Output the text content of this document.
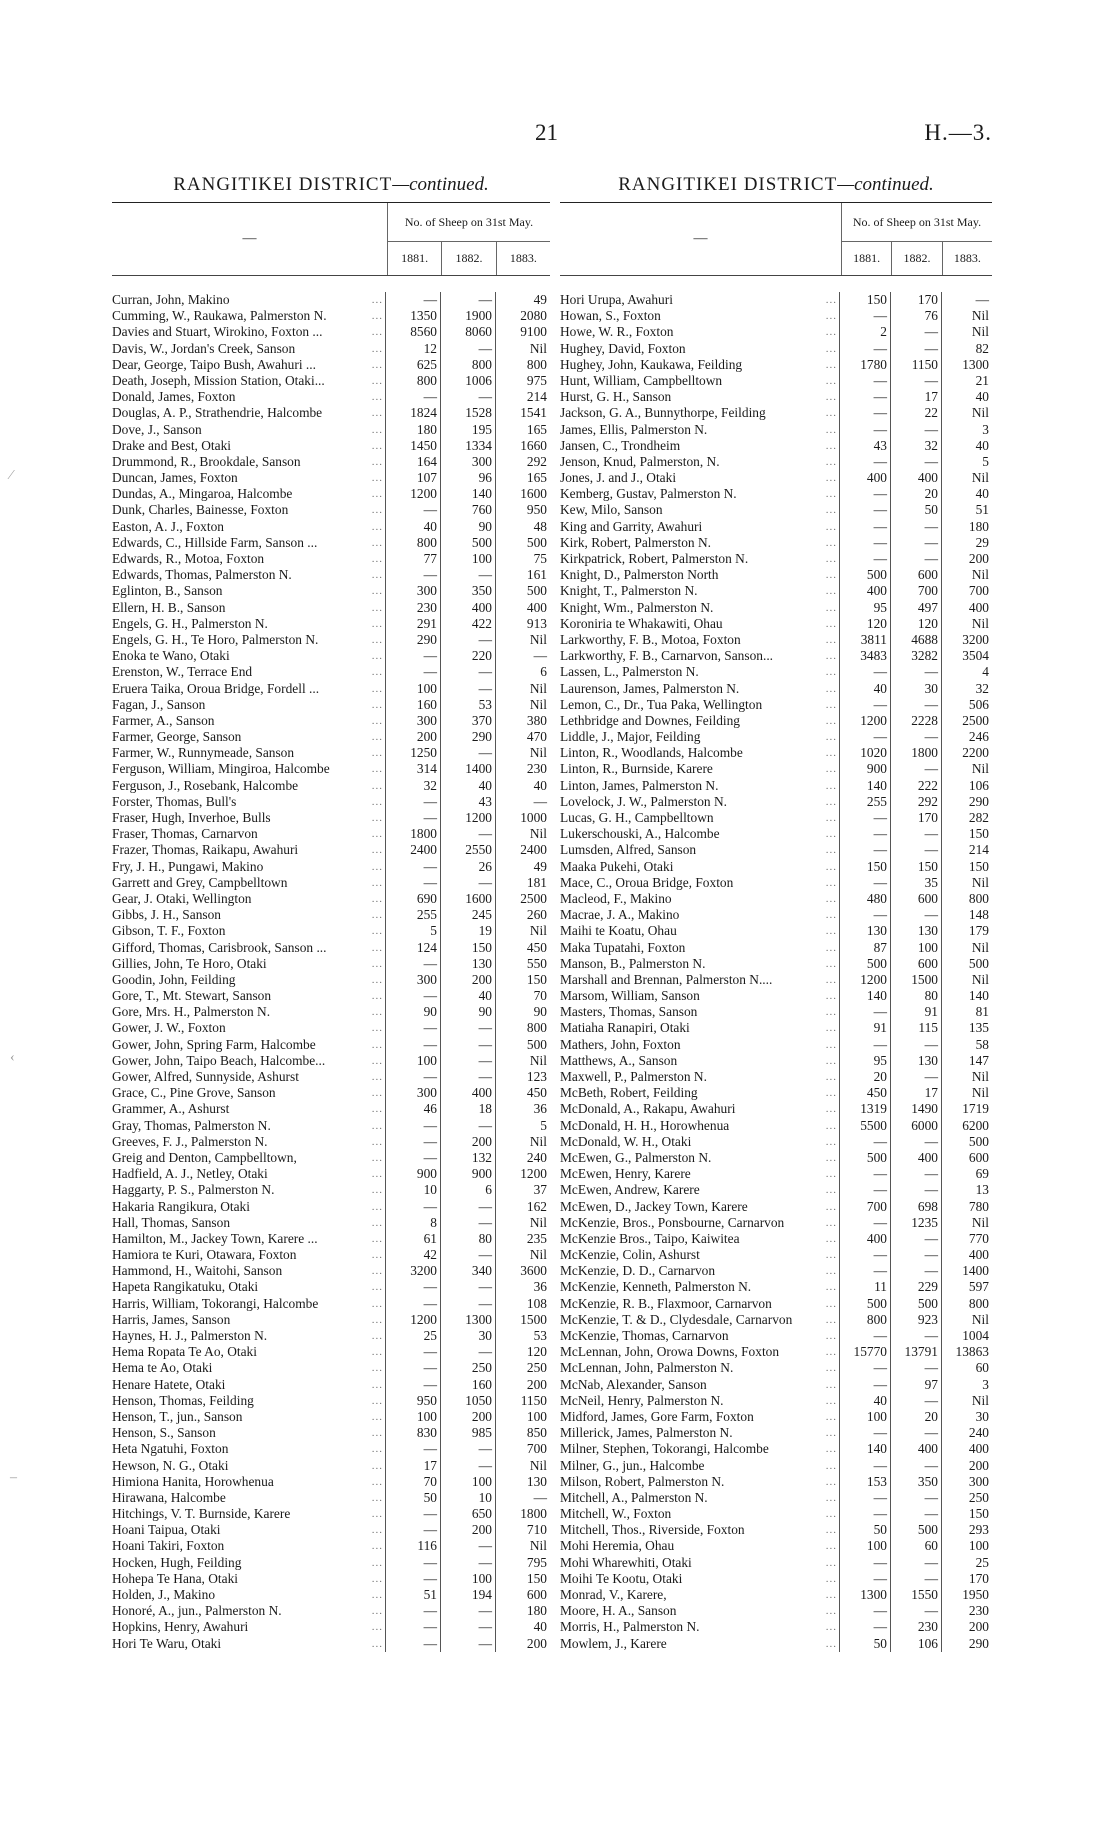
21	H.—3.
RANGITIKEI DISTRICT—continued.
—
No. of Sheep on 31st May.
1881.	1882.	1883.
...
Curran, John, Makino	—	—	49
...
Cumming, W., Raukawa, Palmerston N.	1350	1900	2080
...
Davies and Stuart, Wirokino, Foxton ...	8560	8060	9100
...
Davis, W., Jordan's Creek, Sanson	12	—	Nil
...
Dear, George, Taipo Bush, Awahuri ...	625	800	800
...
Death, Joseph, Mission Station, Otaki...	800	1006	975
...
Donald, James, Foxton	—	—	214
...
Douglas, A. P., Strathendrie, Halcombe	1824	1528	1541
...
Dove, J., Sanson	180	195	165
...
Drake and Best, Otaki	1450	1334	1660
...
Drummond, R., Brookdale, Sanson	164	300	292
...
Duncan, James, Foxton	107	96	165
...
Dundas, A., Mingaroa, Halcombe	1200	140	1600
...
Dunk, Charles, Bainesse, Foxton	—	760	950
...
Easton, A. J., Foxton	40	90	48
...
Edwards, C., Hillside Farm, Sanson ...	800	500	500
...
Edwards, R., Motoa, Foxton	77	100	75
...
Edwards, Thomas, Palmerston N.	—	—	161
...
Eglinton, B., Sanson	300	350	500
...
Ellern, H. B., Sanson	230	400	400
...
Engels, G. H., Palmerston N.	291	422	913
...
Engels, G. H., Te Horo, Palmerston N.	290	—	Nil
...
Enoka te Wano, Otaki	—	220	—
...
Erenston, W., Terrace End	—	—	6
...
Eruera Taika, Oroua Bridge, Fordell ...	100	—	Nil
...
Fagan, J., Sanson	160	53	Nil
...
Farmer, A., Sanson	300	370	380
...
Farmer, George, Sanson	200	290	470
...
Farmer, W., Runnymeade, Sanson	1250	—	Nil
...
Ferguson, William, Mingiroa, Halcombe	314	1400	230
...
Ferguson, J., Rosebank, Halcombe	32	40	40
...
Forster, Thomas, Bull's	—	43	—
...
Fraser, Hugh, Inverhoe, Bulls	—	1200	1000
...
Fraser, Thomas, Carnarvon	1800	—	Nil
...
Frazer, Thomas, Raikapu, Awahuri	2400	2550	2400
...
Fry, J. H., Pungawi, Makino	—	26	49
...
Garrett and Grey, Campbelltown	—	—	181
...
Gear, J. Otaki, Wellington	690	1600	2500
...
Gibbs, J. H., Sanson	255	245	260
...
Gibson, T. F., Foxton	5	19	Nil
...
Gifford, Thomas, Carisbrook, Sanson ...	124	150	450
...
Gillies, John, Te Horo, Otaki	—	130	550
...
Goodin, John, Feilding	300	200	150
...
Gore, T., Mt. Stewart, Sanson	—	40	70
...
Gore, Mrs. H., Palmerston N.	90	90	90
...
Gower, J. W., Foxton	—	—	800
...
Gower, John, Spring Farm, Halcombe	—	—	500
...
Gower, John, Taipo Beach, Halcombe...	100	—	Nil
...
Gower, Alfred, Sunnyside, Ashurst	—	—	123
...
Grace, C., Pine Grove, Sanson	300	400	450
...
Grammer, A., Ashurst	46	18	36
...
Gray, Thomas, Palmerston N.	—	—	5
...
Greeves, F. J., Palmerston N.	—	200	Nil
...
Greig and Denton, Campbelltown,	—	132	240
...
Hadfield, A. J., Netley, Otaki	900	900	1200
...
Haggarty, P. S., Palmerston N.	10	6	37
...
Hakaria Rangikura, Otaki	—	—	162
...
Hall, Thomas, Sanson	8	—	Nil
...
Hamilton, M., Jackey Town, Karere ...	61	80	235
...
Hamiora te Kuri, Otawara, Foxton	42	—	Nil
...
Hammond, H., Waitohi, Sanson	3200	340	3600
...
Hapeta Rangikatuku, Otaki	—	—	36
...
Harris, William, Tokorangi, Halcombe	—	—	108
...
Harris, James, Sanson	1200	1300	1500
...
Haynes, H. J., Palmerston N.	25	30	53
...
Hema Ropata Te Ao, Otaki	—	—	120
...
Hema te Ao, Otaki	—	250	250
...
Henare Hatete, Otaki	—	160	200
...
Henson, Thomas, Feilding	950	1050	1150
...
Henson, T., jun., Sanson	100	200	100
...
Henson, S., Sanson	830	985	850
...
Heta Ngatuhi, Foxton	—	—	700
...
Hewson, N. G., Otaki	17	—	Nil
...
Himiona Hanita, Horowhenua	70	100	130
...
Hirawana, Halcombe	50	10	—
...
Hitchings, V. T. Burnside, Karere	—	650	1800
...
Hoani Taipua, Otaki	—	200	710
...
Hoani Takiri, Foxton	116	—	Nil
...
Hocken, Hugh, Feilding	—	—	795
...
Hohepa Te Hana, Otaki	—	100	150
...
Holden, J., Makino	51	194	600
...
Honoré, A., jun., Palmerston N.	—	—	180
...
Hopkins, Henry, Awahuri	—	—	40
...
Hori Te Waru, Otaki	—	—	200
RANGITIKEI DISTRICT—continued.
—
No. of Sheep on 31st May.
1881.	1882.	1883.
...
Hori Urupa, Awahuri	150	170	—
...
Howan, S., Foxton	—	76	Nil
...
Howe, W. R., Foxton	2	—	Nil
...
Hughey, David, Foxton	—	—	82
...
Hughey, John, Kaukawa, Feilding	1780	1150	1300
...
Hunt, William, Campbelltown	—	—	21
...
Hurst, G. H., Sanson	—	17	40
...
Jackson, G. A., Bunnythorpe, Feilding	—	22	Nil
...
James, Ellis, Palmerston N.	—	—	3
...
Jansen, C., Trondheim	43	32	40
...
Jenson, Knud, Palmerston, N.	—	—	5
...
Jones, J. and J., Otaki	400	400	Nil
...
Kemberg, Gustav, Palmerston N.	—	20	40
...
Kew, Milo, Sanson	—	50	51
...
King and Garrity, Awahuri	—	—	180
...
Kirk, Robert, Palmerston N.	—	—	29
...
Kirkpatrick, Robert, Palmerston N.	—	—	200
...
Knight, D., Palmerston North	500	600	Nil
...
Knight, T., Palmerston N.	400	700	700
...
Knight, Wm., Palmerston N.	95	497	400
...
Koroniria te Whakawiti, Ohau	120	120	Nil
...
Larkworthy, F. B., Motoa, Foxton	3811	4688	3200
...
Larkworthy, F. B., Carnarvon, Sanson...	3483	3282	3504
...
Lassen, L., Palmerston N.	—	—	4
...
Laurenson, James, Palmerston N.	40	30	32
...
Lemon, C., Dr., Tua Paka, Wellington	—	—	506
...
Lethbridge and Downes, Feilding	1200	2228	2500
...
Liddle, J., Major, Feilding	—	—	246
...
Linton, R., Woodlands, Halcombe	1020	1800	2200
...
Linton, R., Burnside, Karere	900	—	Nil
...
Linton, James, Palmerston N.	140	222	106
...
Lovelock, J. W., Palmerston N.	255	292	290
...
Lucas, G. H., Campbelltown	—	170	282
...
Lukerschouski, A., Halcombe	—	—	150
...
Lumsden, Alfred, Sanson	—	—	214
...
Maaka Pukehi, Otaki	150	150	150
...
Mace, C., Oroua Bridge, Foxton	—	35	Nil
...
Macleod, F., Makino	480	600	800
...
Macrae, J. A., Makino	—	—	148
...
Maihi te Koatu, Ohau	130	130	179
...
Maka Tupatahi, Foxton	87	100	Nil
...
Manson, B., Palmerston N.	500	600	500
...
Marshall and Brennan, Palmerston N....	1200	1500	Nil
...
Marsom, William, Sanson	140	80	140
...
Masters, Thomas, Sanson	—	91	81
...
Matiaha Ranapiri, Otaki	91	115	135
...
Mathers, John, Foxton	—	—	58
...
Matthews, A., Sanson	95	130	147
...
Maxwell, P., Palmerston N.	20	—	Nil
...
McBeth, Robert, Feilding	450	17	Nil
...
McDonald, A., Rakapu, Awahuri	1319	1490	1719
...
McDonald, H. H., Horowhenua	5500	6000	6200
...
McDonald, W. H., Otaki	—	—	500
...
McEwen, G., Palmerston N.	500	400	600
...
McEwen, Henry, Karere	—	—	69
...
McEwen, Andrew, Karere	—	—	13
...
McEwen, D., Jackey Town, Karere	700	698	780
...
McKenzie, Bros., Ponsbourne, Carnarvon	—	1235	Nil
...
McKenzie Bros., Taipo, Kaiwitea	400	—	770
...
McKenzie, Colin, Ashurst	—	—	400
...
McKenzie, D. D., Carnarvon	—	—	1400
...
McKenzie, Kenneth, Palmerston N.	11	229	597
...
McKenzie, R. B., Flaxmoor, Carnarvon	500	500	800
...
McKenzie, T. & D., Clydesdale, Carnarvon	800	923	Nil
...
McKenzie, Thomas, Carnarvon	—	—	1004
...
McLennan, John, Orowa Downs, Foxton	15770	13791	13863
...
McLennan, John, Palmerston N.	—	—	60
...
McNab, Alexander, Sanson	—	97	3
...
McNeil, Henry, Palmerston N.	40	—	Nil
...
Midford, James, Gore Farm, Foxton	100	20	30
...
Millerick, James, Palmerston N.	—	—	240
...
Milner, Stephen, Tokorangi, Halcombe	140	400	400
...
Milner, G., jun., Halcombe	—	—	200
...
Milson, Robert, Palmerston N.	153	350	300
...
Mitchell, A., Palmerston N.	—	—	250
...
Mitchell, W., Foxton	—	—	150
...
Mitchell, Thos., Riverside, Foxton	50	500	293
...
Mohi Heremia, Ohau	100	60	100
...
Mohi Wharewhiti, Otaki	—	—	25
...
Moihi Te Kootu, Otaki	—	—	170
...
Monrad, V., Karere,	1300	1550	1950
...
Moore, H. A., Sanson	—	—	230
...
Morris, H., Palmerston N.	—	230	200
...
Mowlem, J., Karere	50	106	290
⁄
‹
–
